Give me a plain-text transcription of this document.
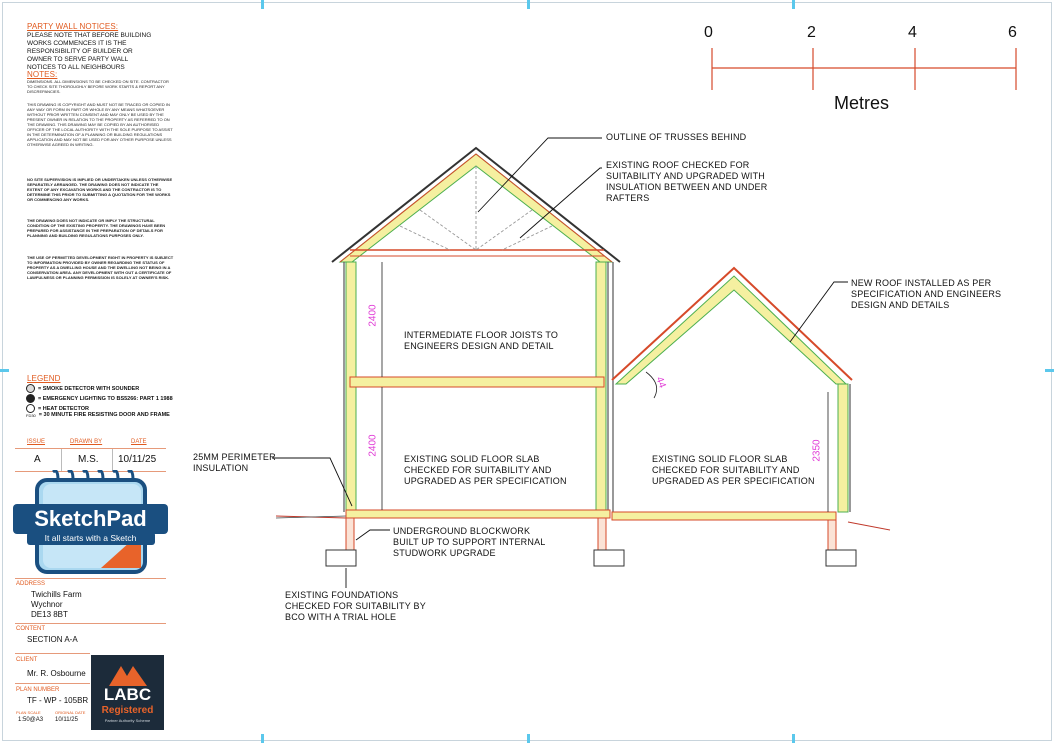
PARTY WALL NOTICES:
PLEASE NOTE THAT BEFORE BUILDING
WORKS COMMENCES IT IS THE
RESPONSIBILITY OF BUILDER OR
OWNER TO SERVE PARTY WALL
NOTICES TO ALL NEIGHBOURS
NOTES:
DIMENSIONS. ALL DIMENSIONS TO BE CHECKED ON SITE. CONTRACTOR TO CHECK SITE THOROUGHLY BEFORE WORK STARTS & REPORT ANY DISCREPANCIES.
THIS DRAWING IS COPYRIGHT AND MUST NOT BE TRACED OR COPIED IN ANY WAY OR FORM IN PART OR WHOLE BY ANY MEANS WHATSOEVER WITHOUT PRIOR WRITTEN CONSENT AND MAY ONLY BE USED BY THE PRESENT OWNER IN RELATION TO THE PROPERTY AS REFERRED TO ON THE DRAWING. THIS DRAWING MAY BE COPIED BY AN AUTHORISED OFFICER OF THE LOCAL AUTHORITY WITH THE SOLE PURPOSE TO ASSIST IN THE DETERMINATION OF A PLANNING OR BUILDING REGULATIONS APPLICATION AND MAY NOT BE USED FOR ANY OTHER PURPOSE UNLESS OTHERWISE AGREED IN WRITING.
NO SITE SUPERVISION IS IMPLIED OR UNDERTAKEN UNLESS OTHERWISE SEPARATELY ARRANGED. THE DRAWING DOES NOT INDICATE THE EXTENT OF ANY EXCAVATION WORKS AND THE CONTRACTOR IS TO DETERMINE THIS PRIOR TO SUBMITTING A QUOTATION FOR THE WORKS OR COMMENCING ANY WORKS.
THE DRAWING DOES NOT INDICATE OR IMPLY THE STRUCTURAL CONDITION OF THE EXISTING PROPERTY. THE DRAWINGS HAVE BEEN PREPARED FOR ASSISTANCE IN THE PREPARATION OF DETAILS FOR PLANNING AND BUILDING REGULATIONS PURPOSES ONLY.
THE USE OF PERMITTED DEVELOPMENT RIGHT IN PROPERTY IS SUBJECT TO INFORMATION PROVIDED BY OWNER REGARDING THE STATUS OF PROPERTY AS A DWELLING HOUSE AND THE DWELLING NOT BEING IN A CONSERVATION AREA. ANY DEVELOPMENT WITH OUT A CERTIFICATE OF LAWFULNESS OR PLANNING PERMISSION IS SOLELY AT OWNER'S RISK.
LEGEND
= SMOKE DETECTOR WITH SOUNDER
= EMERGENCY LIGHTING TO BS5266: PART 1 1988
= HEAT DETECTOR
FD30 = 30 MINUTE FIRE RESISTING DOOR AND FRAME
ISSUE	DRAWN BY	DATE
A	M.S. 10/11/25
SketchPad
It all starts with a Sketch
ADDRESS
Twichills Farm
Wychnor
DE13 8BT
CONTENT
SECTION A-A
CLIENT
Mr. R. Osbourne
PLAN NUMBER
TF - WP - 105BR
PLAN SCALE	ORIGINAL DATE
1:50@A3 10/11/25
LABC
Registered
Partner Authority Scheme
0	2	4	6
Metres
2400
2400	2350
44
OUTLINE OF TRUSSES BEHIND
EXISTING ROOF CHECKED FOR
SUITABILITY AND UPGRADED WITH
INSULATION BETWEEN AND UNDER
RAFTERS
NEW ROOF INSTALLED AS PER
SPECIFICATION AND ENGINEERS
DESIGN AND DETAILS
INTERMEDIATE FLOOR JOISTS TO
ENGINEERS DESIGN AND DETAIL
EXISTING SOLID FLOOR SLAB
CHECKED FOR SUITABILITY AND
UPGRADED AS PER SPECIFICATION
EXISTING SOLID FLOOR SLAB
CHECKED FOR SUITABILITY AND
UPGRADED AS PER SPECIFICATION
25MM PERIMETER
INSULATION
UNDERGROUND BLOCKWORK
BUILT UP TO SUPPORT INTERNAL
STUDWORK UPGRADE
EXISTING FOUNDATIONS
CHECKED FOR SUITABILITY BY
BCO WITH A TRIAL HOLE
